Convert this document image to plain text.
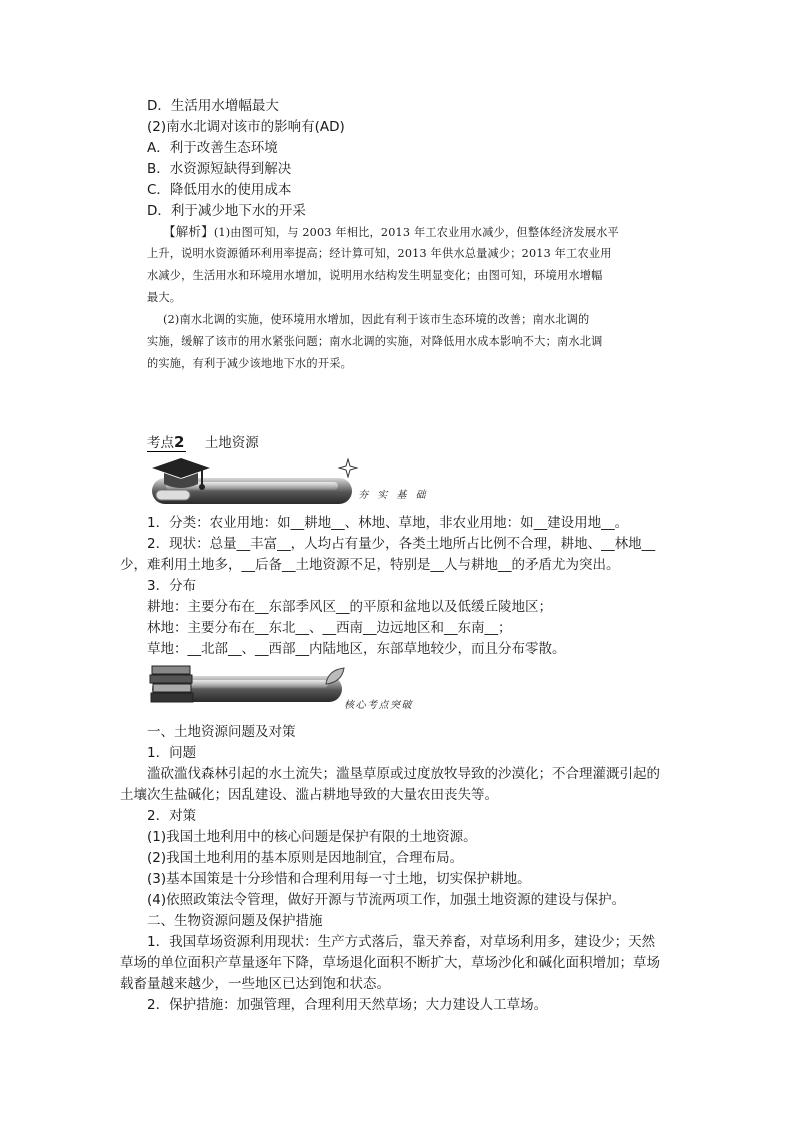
D．生活用水增幅最大
(2)南水北调对该市的影响有(AD)
A．利于改善生态环境
B．水资源短缺得到解决
C．降低用水的使用成本
D．利于减少地下水的开采
【解析】(1)由图可知，与 2003 年相比，2013 年工农业用水减少，但整体经济发展水平
上升，说明水资源循环利用率提高；经计算可知，2013 年供水总量减少；2013 年工农业用
水减少，生活用水和环境用水增加，说明用水结构发生明显变化；由图可知，环境用水增幅
最大。
(2)南水北调的实施，使环境用水增加，因此有利于该市生态环境的改善；南水北调的
实施，缓解了该市的用水紧张问题；南水北调的实施，对降低用水成本影响不大；南水北调
的实施，有利于减少该地地下水的开采。
考点2 土地资源
夯 实 基 础
1．分类：农业用地：如__耕地__、林地、草地，非农业用地：如__建设用地__。
2．现状：总量__丰富__，人均占有量少，各类土地所占比例不合理，耕地、__林地__
少，难利用土地多，__后备__土地资源不足，特别是__人与耕地__的矛盾尤为突出。
3．分布
耕地：主要分布在__东部季风区__的平原和盆地以及低缓丘陵地区；
林地：主要分布在__东北__、__西南__边远地区和__东南__；
草地：__北部__、__西部__内陆地区，东部草地较少，而且分布零散。
核心考点突破
一、土地资源问题及对策
1．问题
滥砍滥伐森林引起的水土流失；滥垦草原或过度放牧导致的沙漠化；不合理灌溉引起的
土壤次生盐碱化；因乱建设、滥占耕地导致的大量农田丧失等。
2．对策
(1)我国土地利用中的核心问题是保护有限的土地资源。
(2)我国土地利用的基本原则是因地制宜，合理布局。
(3)基本国策是十分珍惜和合理利用每一寸土地，切实保护耕地。
(4)依照政策法令管理，做好开源与节流两项工作，加强土地资源的建设与保护。
二、生物资源问题及保护措施
1．我国草场资源利用现状：生产方式落后，靠天养畜，对草场利用多，建设少；天然
草场的单位面积产草量逐年下降，草场退化面积不断扩大，草场沙化和碱化面积增加；草场
载畜量越来越少，一些地区已达到饱和状态。
2．保护措施：加强管理，合理利用天然草场；大力建设人工草场。
